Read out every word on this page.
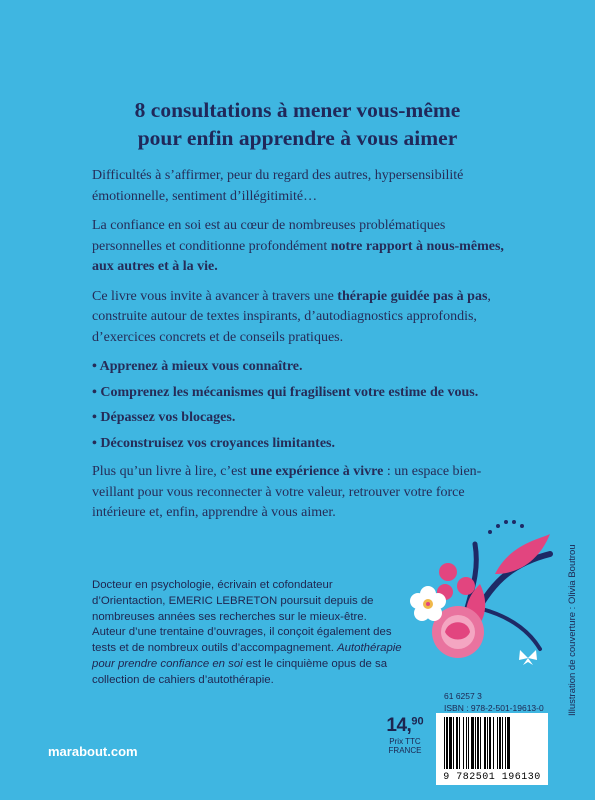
8 consultations à mener vous-même
pour enfin apprendre à vous aimer

Difficultés à s’affirmer, peur du regard des autres, hypersensibilité émotionnelle, sentiment d’illégitimité…

La confiance en soi est au cœur de nombreuses problématiques personnelles et conditionne profondément notre rapport à nous-mêmes, aux autres et à la vie.

Ce livre vous invite à avancer à travers une thérapie guidée pas à pas, construite autour de textes inspirants, d’autodiagnostics approfondis, d’exercices concrets et de conseils pratiques.

• Apprenez à mieux vous connaître.
• Comprenez les mécanismes qui fragilisent votre estime de vous.
• Dépassez vos blocages.
• Déconstruisez vos croyances limitantes.

Plus qu’un livre à lire, c’est une expérience à vivre : un espace bien-veillant pour vous reconnecter à votre valeur, retrouver votre force intérieure et, enfin, apprendre à vous aimer.

Docteur en psychologie, écrivain et cofondateur d’Orientaction, EMERIC LEBRETON poursuit depuis de nombreuses années ses recherches sur le mieux-être. Auteur d’une trentaine d’ouvrages, il conçoit également des tests et de nombreux outils d’accompagnement. Autothérapie pour prendre confiance en soi est le cinquième opus de sa collection de cahiers d’autothérapie.	Illustration de couverture : Olivia Boutrou
marabout.com
14,90
Prix TTC
FRANCE
61 6257 3
ISBN : 978-2-501-19613-0
9 782501 196130
